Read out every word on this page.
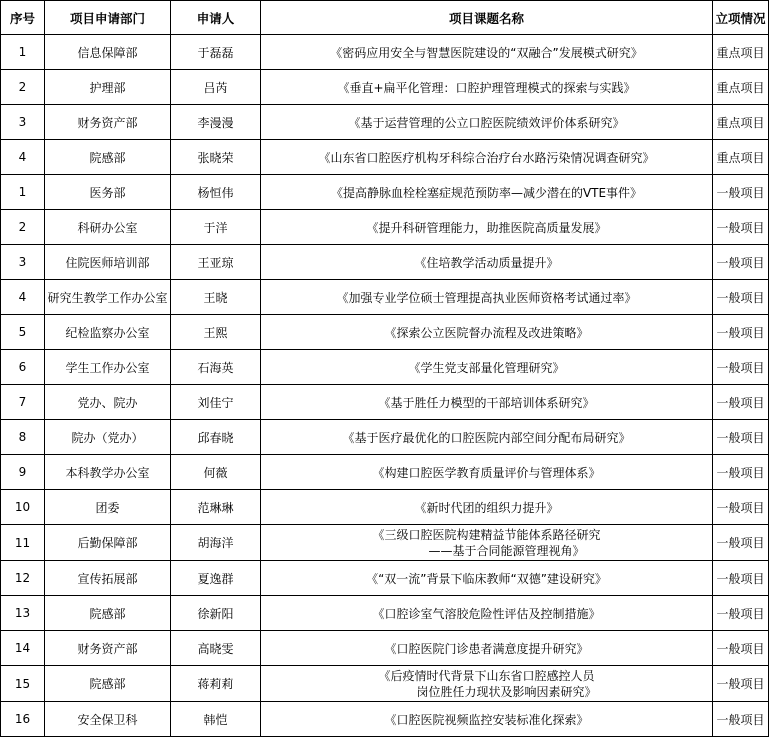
序号	项目申请部门	申请人	项目课题名称	立项情况
1	信息保障部	于磊磊	《密码应用安全与智慧医院建设的“双融合”发展模式研究》	重点项目
2	护理部	吕芮	《垂直+扁平化管理：口腔护理管理模式的探索与实践》	重点项目
3	财务资产部	李漫漫	《基于运营管理的公立口腔医院绩效评价体系研究》	重点项目
4	院感部	张晓荣	《山东省口腔医疗机构牙科综合治疗台水路污染情况调查研究》	重点项目
1	医务部	杨恒伟	《提高静脉血栓栓塞症规范预防率—减少潜在的VTE事件》	一般项目
2	科研办公室	于洋	《提升科研管理能力，助推医院高质量发展》	一般项目
3	住院医师培训部	王亚琼	《住培教学活动质量提升》	一般项目
4	研究生教学工作办公室	王晓	《加强专业学位硕士管理提高执业医师资格考试通过率》	一般项目
5	纪检监察办公室	王熙	《探索公立医院督办流程及改进策略》	一般项目
6	学生工作办公室	石海英	《学生党支部量化管理研究》	一般项目
7	党办、院办	刘佳宁	《基于胜任力模型的干部培训体系研究》	一般项目
8	院办（党办）	邱春晓	《基于医疗最优化的口腔医院内部空间分配布局研究》	一般项目
9	本科教学办公室	何薇	《构建口腔医学教育质量评价与管理体系》	一般项目
10	团委	范琳琳	《新时代团的组织力提升》	一般项目
11	后勤保障部	胡海洋	《三级口腔医院构建精益节能体系路径研究
——基于合同能源管理视角》	一般项目
12	宣传拓展部	夏逸群	《“双一流”背景下临床教师“双德”建设研究》	一般项目
13	院感部	徐新阳	《口腔诊室气溶胶危险性评估及控制措施》	一般项目
14	财务资产部	高晓雯	《口腔医院门诊患者满意度提升研究》	一般项目
15	院感部	蒋莉莉	《后疫情时代背景下山东省口腔感控人员
岗位胜任力现状及影响因素研究》	一般项目
16	安全保卫科	韩恺	《口腔医院视频监控安装标准化探索》	一般项目
